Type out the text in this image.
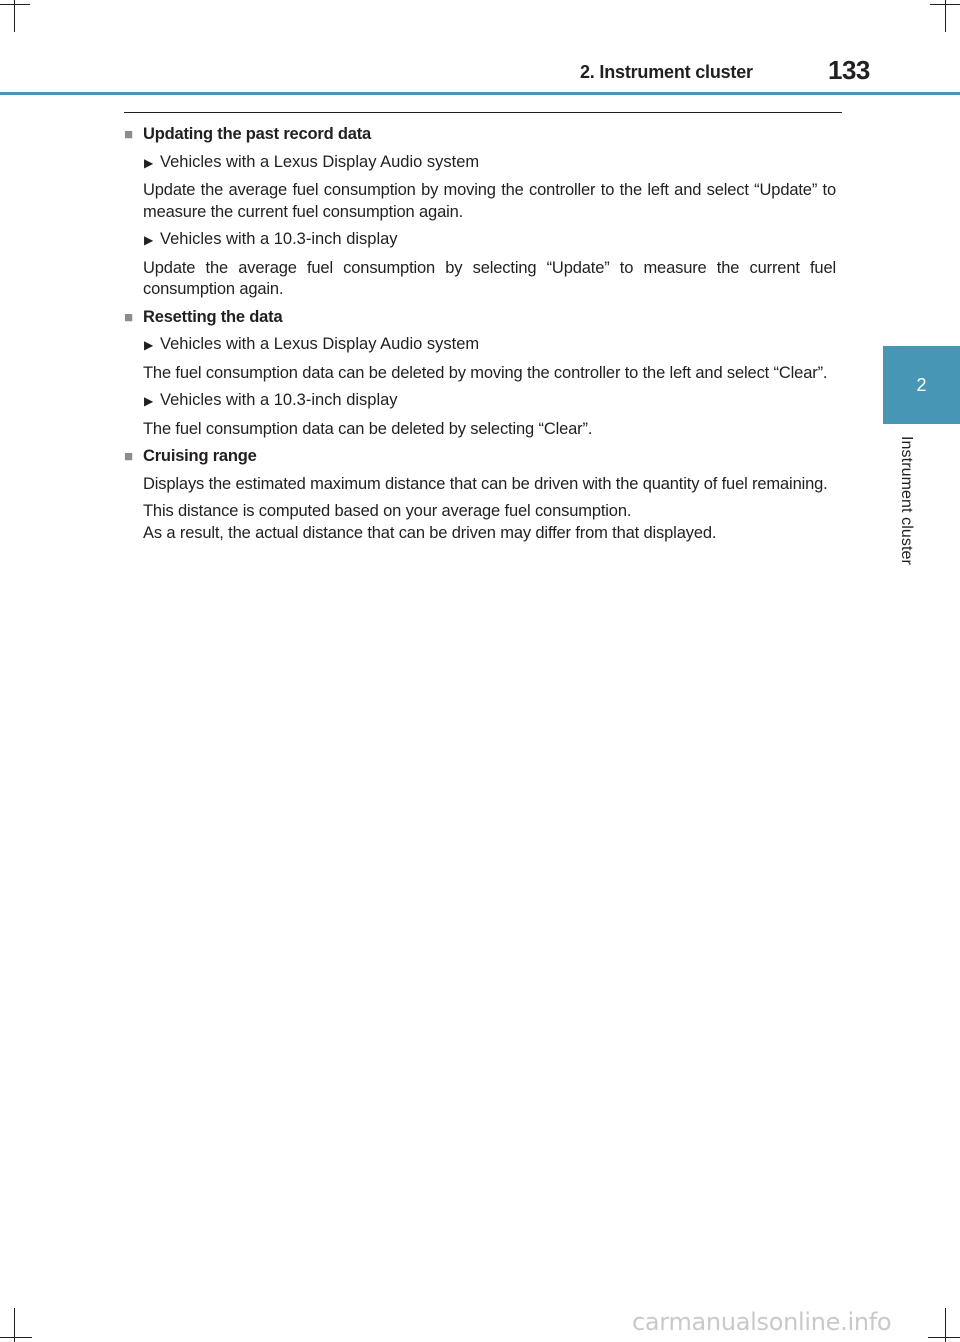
2. Instrument cluster	133
2
Instrument cluster
■ Updating the past record data
▶ Vehicles with a Lexus Display Audio system
Update the average fuel consumption by moving the controller to the left and select “Update” to measure the current fuel consumption again.
▶ Vehicles with a 10.3-inch display
Update the average fuel consumption by selecting “Update” to measure the current fuel consumption again.
■ Resetting the data
▶ Vehicles with a Lexus Display Audio system
The fuel consumption data can be deleted by moving the controller to the left and select “Clear”.
▶ Vehicles with a 10.3-inch display
The fuel consumption data can be deleted by selecting “Clear”.
■ Cruising range
Displays the estimated maximum distance that can be driven with the quantity of fuel remaining.
This distance is computed based on your average fuel consumption.
As a result, the actual distance that can be driven may differ from that displayed.
carmanualsonline.info
